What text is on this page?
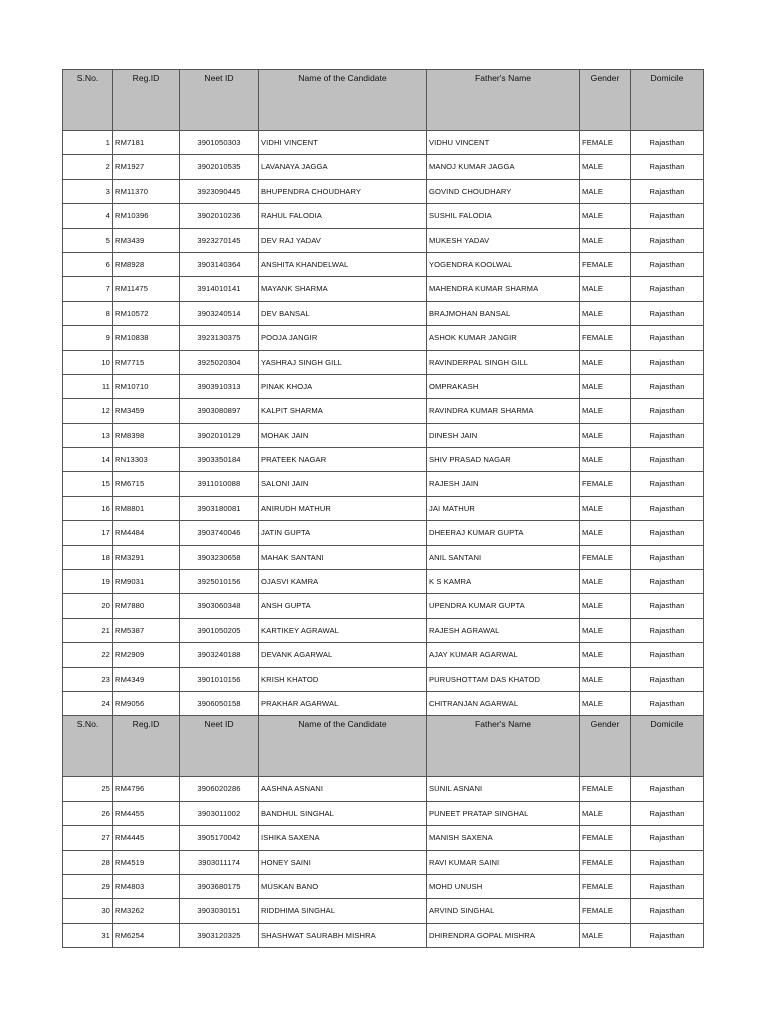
S.No.	Reg.ID	Neet ID	Name of the Candidate	Father's Name	Gender	Domicile
1	RM7181	3901050303	VIDHI VINCENT	VIDHU VINCENT	FEMALE	Rajasthan
2	RM1927	3902010535	LAVANAYA JAGGA	MANOJ KUMAR JAGGA	MALE	Rajasthan
3	RM11370	3923090445	BHUPENDRA CHOUDHARY	GOVIND CHOUDHARY	MALE	Rajasthan
4	RM10396	3902010236	RAHUL FALODIA	SUSHIL FALODIA	MALE	Rajasthan
5	RM3439	3923270145	DEV RAJ YADAV	MUKESH YADAV	MALE	Rajasthan
6	RM8928	3903140364	ANSHITA KHANDELWAL	YOGENDRA KOOLWAL	FEMALE	Rajasthan
7	RM11475	3914010141	MAYANK SHARMA	MAHENDRA KUMAR SHARMA	MALE	Rajasthan
8	RM10572	3903240514	DEV BANSAL	BRAJMOHAN BANSAL	MALE	Rajasthan
9	RM10838	3923130375	POOJA JANGIR	ASHOK KUMAR JANGIR	FEMALE	Rajasthan
10	RM7715	3925020304	YASHRAJ SINGH GILL	RAVINDERPAL SINGH GILL	MALE	Rajasthan
11	RM10710	3903910313	PINAK KHOJA	OMPRAKASH	MALE	Rajasthan
12	RM3459	3903080897	KALPIT SHARMA	RAVINDRA KUMAR SHARMA	MALE	Rajasthan
13	RM8398	3902010129	MOHAK JAIN	DINESH JAIN	MALE	Rajasthan
14	RN13303	3903350184	PRATEEK NAGAR	SHIV PRASAD NAGAR	MALE	Rajasthan
15	RM6715	3911010088	SALONI JAIN	RAJESH JAIN	FEMALE	Rajasthan
16	RM8801	3903180081	ANIRUDH MATHUR	JAI MATHUR	MALE	Rajasthan
17	RM4484	3903740046	JATIN GUPTA	DHEERAJ KUMAR GUPTA	MALE	Rajasthan
18	RM3291	3903230658	MAHAK SANTANI	ANIL SANTANI	FEMALE	Rajasthan
19	RM9031	3925010156	OJASVI KAMRA	K S KAMRA	MALE	Rajasthan
20	RM7880	3903060348	ANSH GUPTA	UPENDRA KUMAR GUPTA	MALE	Rajasthan
21	RM5387	3901050205	KARTIKEY AGRAWAL	RAJESH AGRAWAL	MALE	Rajasthan
22	RM2909	3903240188	DEVANK AGARWAL	AJAY KUMAR AGARWAL	MALE	Rajasthan
23	RM4349	3901010156	KRISH KHATOD	PURUSHOTTAM DAS KHATOD	MALE	Rajasthan
24	RM9056	3906050158	PRAKHAR AGARWAL	CHITRANJAN AGARWAL	MALE	Rajasthan
S.No.	Reg.ID	Neet ID	Name of the Candidate	Father's Name	Gender	Domicile
25	RM4796	3906020286	AASHNA ASNANI	SUNIL ASNANI	FEMALE	Rajasthan
26	RM4455	3903011002	BANDHUL SINGHAL	PUNEET PRATAP SINGHAL	MALE	Rajasthan
27	RM4445	3905170042	ISHIKA SAXENA	MANISH SAXENA	FEMALE	Rajasthan
28	RM4519	3903011174	HONEY SAINI	RAVI KUMAR SAINI	FEMALE	Rajasthan
29	RM4803	3903680175	MUSKAN BANO	MOHD UNUSH	FEMALE	Rajasthan
30	RM3262	3903030151	RIDDHIMA SINGHAL	ARVIND SINGHAL	FEMALE	Rajasthan
31	RM6254	3903120325	SHASHWAT SAURABH MISHRA	DHIRENDRA GOPAL MISHRA	MALE	Rajasthan
